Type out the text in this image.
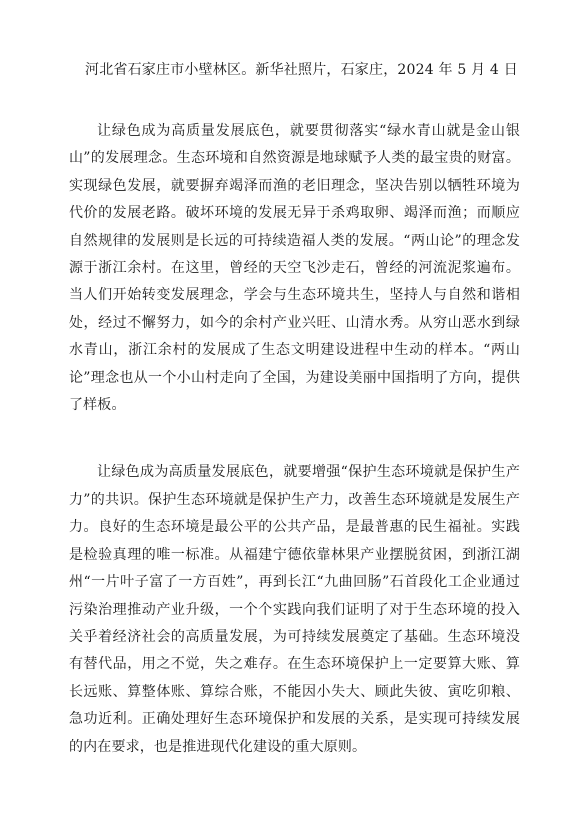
河北省石家庄市小壁林区。新华社照片，石家庄，2024 年 5 月 4 日

让绿色成为高质量发展底色，就要贯彻落实“绿水青山就是金山银山”的发展理念。生态环境和自然资源是地球赋予人类的最宝贵的财富。实现绿色发展，就要摒弃竭泽而渔的老旧理念，坚决告别以牺牲环境为代价的发展老路。破坏环境的发展无异于杀鸡取卵、竭泽而渔；而顺应自然规律的发展则是长远的可持续造福人类的发展。“两山论”的理念发源于浙江余村。在这里，曾经的天空飞沙走石，曾经的河流泥浆遍布。当人们开始转变发展理念，学会与生态环境共生，坚持人与自然和谐相处，经过不懈努力，如今的余村产业兴旺、山清水秀。从穷山恶水到绿水青山，浙江余村的发展成了生态文明建设进程中生动的样本。“两山论”理念也从一个小山村走向了全国，为建设美丽中国指明了方向，提供了样板。

让绿色成为高质量发展底色，就要增强“保护生态环境就是保护生产力”的共识。保护生态环境就是保护生产力，改善生态环境就是发展生产力。良好的生态环境是最公平的公共产品，是最普惠的民生福祉。实践是检验真理的唯一标准。从福建宁德依靠林果产业摆脱贫困，到浙江湖州“一片叶子富了一方百姓”，再到长江“九曲回肠”石首段化工企业通过污染治理推动产业升级，一个个实践向我们证明了对于生态环境的投入关乎着经济社会的高质量发展，为可持续发展奠定了基础。生态环境没有替代品，用之不觉，失之难存。在生态环境保护上一定要算大账、算长远账、算整体账、算综合账，不能因小失大、顾此失彼、寅吃卯粮、急功近利。正确处理好生态环境保护和发展的关系，是实现可持续发展的内在要求，也是推进现代化建设的重大原则。
